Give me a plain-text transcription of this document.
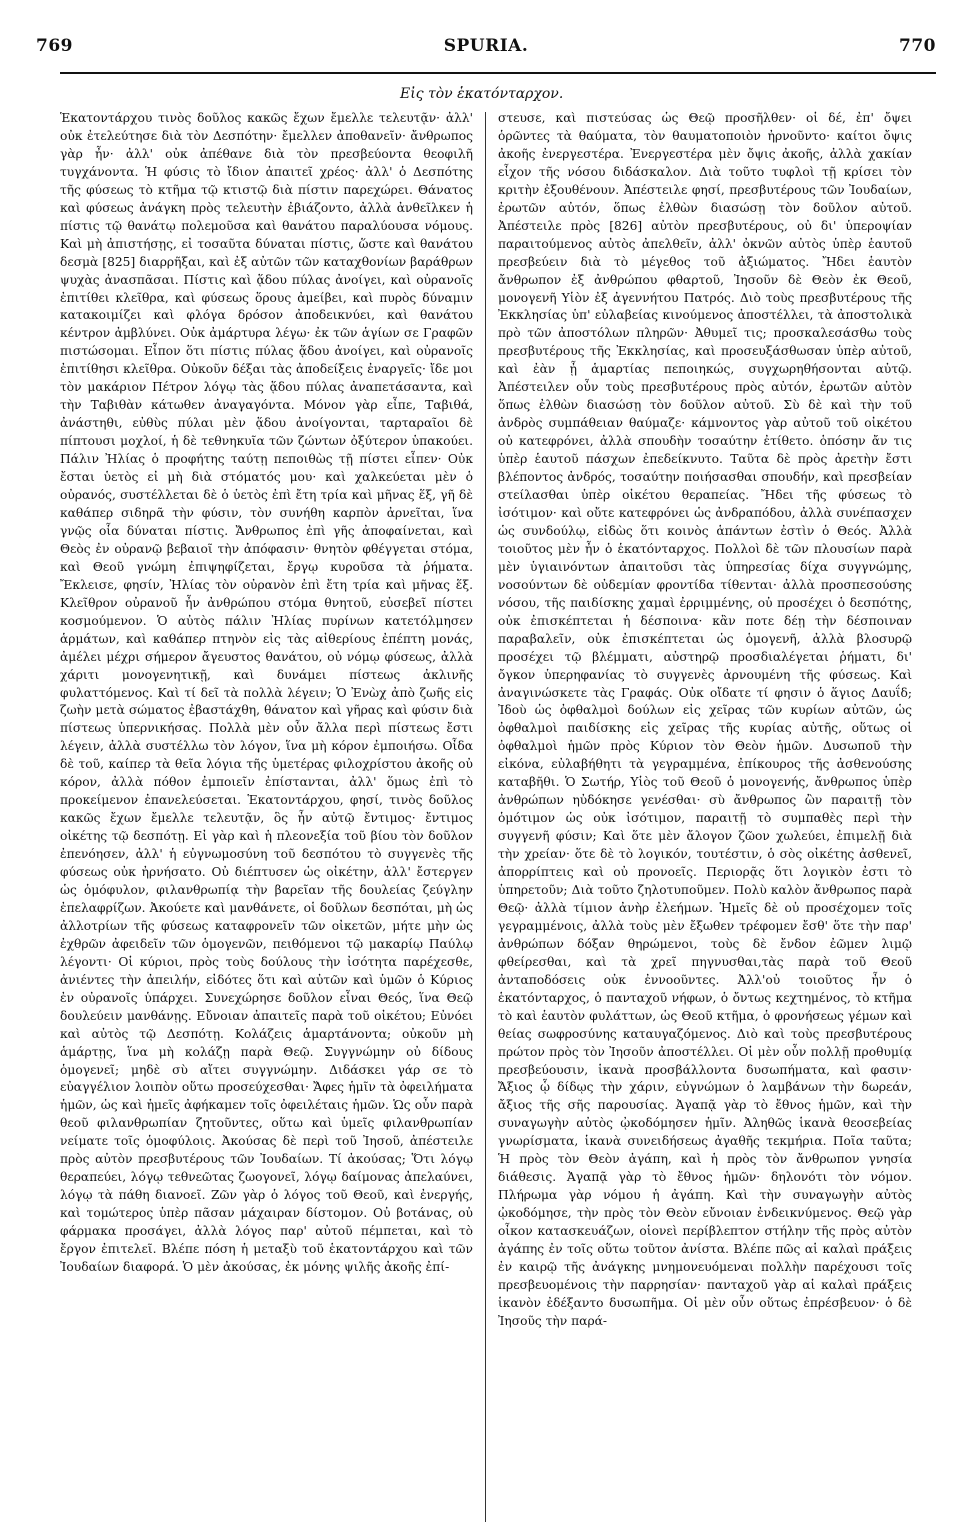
769	SPURIA.	770
Εἰς τὸν ἑκατόνταρχον.

Ἑκατοντάρχου τινὸς δοῦλος κακῶς ἔχων ἔμελλε τελευτᾷν· ἀλλ' οὐκ ἐτελεύτησε διὰ τὸν Δεσπότην· ἔμελλεν ἀποθανεῖν· ἄνθρωπος γὰρ ἦν· ἀλλ' οὐκ ἀπέθανε διὰ τὸν πρεσβεύοντα θεοφιλῆ τυγχάνοντα. Ἡ φύσις τὸ ἴδιον ἀπαιτεῖ χρέος· ἀλλ' ὁ Δεσπότης τῆς φύσεως τὸ κτῆμα τῷ κτιστῷ διὰ πίστιν παρεχώρει. Θάνατος καὶ φύσεως ἀνάγκη πρὸς τελευτὴν ἐβιάζοντο, ἀλλὰ ἀνθεῖλκεν ἡ πίστις τῷ θανάτῳ πολεμοῦσα καὶ θανάτου παραλύουσα νόμους. Καὶ μὴ ἀπιστήσῃς, εἰ τοσαῦτα δύναται πίστις, ὥστε καὶ θανάτου δεσμὰ [825] διαρρῆξαι, καὶ ἐξ αὐτῶν τῶν καταχθονίων βαράθρων ψυχὰς ἀνασπᾶσαι. Πίστις καὶ ᾅδου πύλας ἀνοίγει, καὶ οὐρανοῖς ἐπιτίθει κλεῖθρα, καὶ φύσεως ὅρους ἀμείβει, καὶ πυρὸς δύναμιν κατακοιμίζει καὶ φλόγα δρόσον ἀποδεικνύει, καὶ θανάτου κέντρον ἀμβλύνει. Οὐκ ἀμάρτυρα λέγω· ἐκ τῶν ἁγίων σε Γραφῶν πιστώσομαι. Εἶπον ὅτι πίστις πύλας ᾅδου ἀνοίγει, καὶ οὐρανοῖς ἐπιτίθησι κλεῖθρα. Οὐκοῦν δέξαι τὰς ἀποδείξεις ἐναργεῖς· ἴδε μοι τὸν μακάριον Πέτρον λόγῳ τὰς ᾅδου πύλας ἀναπετάσαντα, καὶ τὴν Ταβιθὰν κάτωθεν ἀναγαγόντα. Μόνον γὰρ εἶπε, Ταβιθά, ἀνάστηθι, εὐθὺς πύλαι μὲν ᾅδου ἀνοίγονται, ταρταραῖοι δὲ πίπτουσι μοχλοί, ἡ δὲ τεθνηκυῖα τῶν ζώντων ὀξύτερον ὑπακούει. Πάλιν Ἠλίας ὁ προφήτης ταύτῃ πεποιθὼς τῇ πίστει εἶπεν· Οὐκ ἔσται ὑετὸς εἰ μὴ διὰ στόματός μου· καὶ χαλκεύεται μὲν ὁ οὐρανός, συστέλλεται δὲ ὁ ὑετὸς ἐπὶ ἔτη τρία καὶ μῆνας ἕξ, γῆ δὲ καθάπερ σιδηρᾶ τὴν φύσιν, τὸν συνήθη καρπὸν ἀρνεῖται, ἵνα γνῷς οἷα δύναται πίστις. Ἄνθρωπος ἐπὶ γῆς ἀποφαίνεται, καὶ Θεὸς ἐν οὐρανῷ βεβαιοῖ τὴν ἀπόφασιν· θνητὸν φθέγγεται στόμα, καὶ Θεοῦ γνώμη ἐπιψηφίζεται, ἔργῳ κυροῦσα τὰ ῥήματα. Ἔκλεισε, φησίν, Ἠλίας τὸν οὐρανὸν ἐπὶ ἔτη τρία καὶ μῆνας ἕξ. Κλεῖθρον οὐρανοῦ ἦν ἀνθρώπου στόμα θνητοῦ, εὐσεβεῖ πίστει κοσμούμενον. Ὁ αὐτὸς πάλιν Ἠλίας πυρίνων κατετόλμησεν ἁρμάτων, καὶ καθάπερ πτηνὸν εἰς τὰς αἰθερίους ἐπέπτη μονάς, ἀμέλει μέχρι σήμερον ἄγευστος θανάτου, οὐ νόμῳ φύσεως, ἀλλὰ χάριτι μονογενητικῇ, καὶ δυνάμει πίστεως ἀκλινῆς φυλαττόμενος. Καὶ τί δεῖ τὰ πολλὰ λέγειν; Ὁ Ἐνὼχ ἀπὸ ζωῆς εἰς ζωὴν μετὰ σώματος ἐβαστάχθη, θάνατον καὶ γῆρας καὶ φύσιν διὰ πίστεως ὑπερνικήσας. Πολλὰ μὲν οὖν ἄλλα περὶ πίστεως ἔστι λέγειν, ἀλλὰ συστέλλω τὸν λόγον, ἵνα μὴ κόρον ἐμποιήσω. Οἶδα δὲ τοῦ, καίπερ τὰ θεῖα λόγια τῆς ὑμετέρας φιλοχρίστου ἀκοῆς οὐ κόρον, ἀλλὰ πόθον ἐμποιεῖν ἐπίστανται, ἀλλ' ὅμως ἐπὶ τὸ προκείμενον ἐπανελεύσεται. Ἑκατοντάρχου, φησί, τινὸς δοῦλος κακῶς ἔχων ἔμελλε τελευτᾷν, ὃς ἦν αὐτῷ ἔντιμος· ἔντιμος οἰκέτης τῷ δεσπότῃ. Εἰ γὰρ καὶ ἡ πλεονεξία τοῦ βίου τὸν δοῦλον ἐπενόησεν, ἀλλ' ἡ εὐγνωμοσύνη τοῦ δεσπότου τὸ συγγενὲς τῆς φύσεως οὐκ ἠρνήσατο. Οὐ διέπτυσεν ὡς οἰκέτην, ἀλλ' ἔστεργεν ὡς ὁμόφυλον, φιλανθρωπίᾳ τὴν βαρεῖαν τῆς δουλείας ζεύγλην ἐπελαφρίζων. Ἀκούετε καὶ μανθάνετε, οἱ δοῦλων δεσπόται, μὴ ὡς ἀλλοτρίων τῆς φύσεως καταφρονεῖν τῶν οἰκετῶν, μήτε μὴν ὡς ἐχθρῶν ἀφειδεῖν τῶν ὁμογενῶν, πειθόμενοι τῷ μακαρίῳ Παύλῳ λέγοντι· Οἱ κύριοι, πρὸς τοὺς δούλους τὴν ἰσότητα παρέχεσθε, ἀνιέντες τὴν ἀπειλήν, εἰδότες ὅτι καὶ αὐτῶν καὶ ὑμῶν ὁ Κύριος ἐν οὐρανοῖς ὑπάρχει. Συνεχώρησε δοῦλον εἶναι Θεός, ἵνα Θεῷ δουλεύειν μανθάνῃς. Εὔνοιαν ἀπαιτεῖς παρὰ τοῦ οἰκέτου; Εὐνόει καὶ αὐτὸς τῷ Δεσπότῃ. Κολάζεις ἁμαρτάνοντα; οὐκοῦν μὴ ἁμάρτῃς, ἵνα μὴ κολάζῃ παρὰ Θεῷ. Συγγνώμην οὐ δίδους ὁμογενεῖ; μηδὲ σὺ αἴτει συγγνώμην. Διδάσκει γάρ σε τὸ εὐαγγέλιον λοιπὸν οὕτω προσεύχεσθαι· Ἄφες ἡμῖν τὰ ὀφειλήματα ἡμῶν, ὡς καὶ ἡμεῖς ἀφήκαμεν τοῖς ὀφειλέταις ἡμῶν. Ὡς οὖν παρὰ θεοῦ φιλανθρωπίαν ζητοῦντες, οὕτω καὶ ὑμεῖς φιλανθρωπίαν νείματε τοῖς ὁμοφύλοις. Ἀκούσας δὲ περὶ τοῦ Ἰησοῦ, ἀπέστειλε πρὸς αὐτὸν πρεσβυτέρους τῶν Ἰουδαίων. Τί ἀκούσας; Ὅτι λόγῳ θεραπεύει, λόγῳ τεθνεῶτας ζωογονεῖ, λόγῳ δαίμονας ἀπελαύνει, λόγῳ τὰ πάθη διανοεῖ. Ζῶν γὰρ ὁ λόγος τοῦ Θεοῦ, καὶ ἐνεργής, καὶ τομώτερος ὑπὲρ πᾶσαν μάχαιραν δίστομον. Οὐ βοτάνας, οὐ φάρμακα προσάγει, ἀλλὰ λόγος παρ' αὐτοῦ πέμπεται, καὶ τὸ ἔργον ἐπιτελεῖ. Βλέπε πόση ἡ μεταξὺ τοῦ ἑκατοντάρχου καὶ τῶν Ἰουδαίων διαφορά. Ὁ μὲν ἀκούσας, ἐκ μόνης ψιλῆς ἀκοῆς ἐπί-

στευσε, καὶ πιστεύσας ὡς Θεῷ προσῆλθεν· οἱ δέ, ἐπ' ὄψει ὁρῶντες τὰ θαύματα, τὸν θαυματοποιὸν ἠρνοῦντο· καίτοι ὄψις ἀκοῆς ἐνεργεστέρα. Ἐνεργεστέρα μὲν ὄψις ἀκοῆς, ἀλλὰ χακίαν εἶχον τῆς νόσου διδάσκαλον. Διὰ τοῦτο τυφλοὶ τῇ κρίσει τὸν κριτὴν ἐξουθένουν. Ἀπέστειλε φησί, πρεσβυτέρους τῶν Ἰουδαίων, ἐρωτῶν αὐτόν, ὅπως ἐλθὼν διασώσῃ τὸν δοῦλον αὐτοῦ. Ἀπέστειλε πρὸς [826] αὐτὸν πρεσβυτέρους, οὐ δι' ὑπεροψίαν παραιτούμενος αὐτὸς ἀπελθεῖν, ἀλλ' ὀκνῶν αὐτὸς ὑπὲρ ἑαυτοῦ πρεσβεύειν διὰ τὸ μέγεθος τοῦ ἀξιώματος. Ἤδει ἑαυτὸν ἄνθρωπον ἐξ ἀνθρώπου φθαρτοῦ, Ἰησοῦν δὲ Θεὸν ἐκ Θεοῦ, μονογενῆ Υἱὸν ἐξ ἀγεννήτου Πατρός. Διὸ τοὺς πρεσβυτέρους τῆς Ἐκκλησίας ὑπ' εὐλαβείας κινούμενος ἀποστέλλει, τὰ ἀποστολικὰ πρὸ τῶν ἀποστόλων πληρῶν· Ἀθυμεῖ τις; προσκαλεσάσθω τοὺς πρεσβυτέρους τῆς Ἐκκλησίας, καὶ προσευξάσθωσαν ὑπὲρ αὐτοῦ, καὶ ἐὰν ᾖ ἁμαρτίας πεποιηκώς, συγχωρηθήσονται αὐτῷ. Ἀπέστειλεν οὖν τοὺς πρεσβυτέρους πρὸς αὐτόν, ἐρωτῶν αὐτὸν ὅπως ἐλθὼν διασώσῃ τὸν δοῦλον αὐτοῦ. Σὺ δὲ καὶ τὴν τοῦ ἀνδρὸς συμπάθειαν θαύμαζε· κάμνοντος γὰρ αὐτοῦ τοῦ οἰκέτου οὐ κατεφρόνει, ἀλλὰ σπουδὴν τοσαύτην ἐτίθετο. ὁπόσην ἄν τις ὑπὲρ ἑαυτοῦ πάσχων ἐπεδείκνυτο. Ταῦτα δὲ πρὸς ἀρετὴν ἔστι βλέποντος ἀνδρός, τοσαύτην ποιήσασθαι σπουδήν, καὶ πρεσβείαν στείλασθαι ὑπὲρ οἰκέτου θεραπείας. Ἤδει τῆς φύσεως τὸ ἰσότιμον· καὶ οὔτε κατεφρόνει ὡς ἀνδραπόδου, ἀλλὰ συνέπασχεν ὡς συνδούλῳ, εἰδὼς ὅτι κοινὸς ἁπάντων ἐστὶν ὁ Θεός. Ἀλλὰ τοιοῦτος μὲν ἦν ὁ ἑκατόνταρχος. Πολλοὶ δὲ τῶν πλουσίων παρὰ μὲν ὑγιαινόντων ἀπαιτοῦσι τὰς ὑπηρεσίας δίχα συγγνώμης, νοσούντων δὲ οὐδεμίαν φροντίδα τίθενται· ἀλλὰ προσπεσούσης νόσου, τῆς παιδίσκης χαμαὶ ἐρριμμένης, οὐ προσέχει ὁ δεσπότης, οὐκ ἐπισκέπτεται ἡ δέσποινα· κἂν ποτε δέῃ τὴν δέσποιναν παραβαλεῖν, οὐκ ἐπισκέπτεται ὡς ὁμογενῆ, ἀλλὰ βλοσυρῷ προσέχει τῷ βλέμματι, αὐστηρῷ προσδιαλέγεται ῥήματι, δι' ὄγκον ὑπερηφανίας τὸ συγγενὲς ἀρνουμένη τῆς φύσεως. Καὶ ἀναγινώσκετε τὰς Γραφάς. Οὐκ οἴδατε τί φησιν ὁ ἅγιος Δαυΐδ; Ἰδοὺ ὡς ὀφθαλμοὶ δούλων εἰς χεῖρας τῶν κυρίων αὐτῶν, ὡς ὀφθαλμοὶ παιδίσκης εἰς χεῖρας τῆς κυρίας αὐτῆς, οὕτως οἱ ὀφθαλμοὶ ἡμῶν πρὸς Κύριον τὸν Θεὸν ἡμῶν. Δυσωποῦ τὴν εἰκόνα, εὐλαβήθητι τὰ γεγραμμένα, ἐπίκουρος τῆς ἀσθενούσης καταβῆθι. Ὁ Σωτήρ, Υἱὸς τοῦ Θεοῦ ὁ μονογενής, ἄνθρωπος ὑπὲρ ἀνθρώπων ηὐδόκησε γενέσθαι· σὺ ἄνθρωπος ὢν παραιτῇ τὸν ὁμότιμον ὡς οὐκ ἰσότιμον, παραιτῇ τὸ συμπαθὲς περὶ τὴν συγγενῆ φύσιν; Καὶ ὅτε μὲν ἄλογον ζῶον χωλεύει, ἐπιμελῇ διὰ τὴν χρείαν· ὅτε δὲ τὸ λογικόν, τουτέστιν, ὁ σὸς οἰκέτης ἀσθενεῖ, ἀπορρίπτεις καὶ οὐ προνοεῖς. Περιορᾷς ὅτι λογικὸν ἐστι τὸ ὑπηρετοῦν; Διὰ τοῦτο ζηλοτυποῦμεν. Πολὺ καλὸν ἄνθρωπος παρὰ Θεῷ· ἀλλὰ τίμιον ἀνὴρ ἐλεήμων. Ἡμεῖς δὲ οὐ προσέχομεν τοῖς γεγραμμένοις, ἀλλὰ τοὺς μὲν ἔξωθεν τρέφομεν ἔσθ' ὅτε τὴν παρ' ἀνθρώπων δόξαν θηρώμενοι, τοὺς δὲ ἔνδον ἐῶμεν λιμῷ φθείρεσθαι, καὶ τὰ χρεῖ πηγνυσθαι,τὰς παρὰ τοῦ Θεοῦ ἀνταποδόσεις οὐκ ἐννοοῦντες. Ἀλλ'οὐ τοιοῦτος ἦν ὁ ἑκατόνταρχος, ὁ πανταχοῦ νήφων, ὁ ὄντως κεχτημένος, τὸ κτῆμα τὸ καὶ ἑαυτὸν φυλάττων, ὡς Θεοῦ κτῆμα, ὁ φρονήσεως γέμων καὶ θείας σωφροσύνης καταυγαζόμενος. Διὸ καὶ τοὺς πρεσβυτέρους πρώτον πρὸς τὸν Ἰησοῦν ἀποστέλλει. Οἱ μὲν οὖν πολλῇ προθυμίᾳ πρεσβεύουσιν, ἱκανὰ προσβάλλοντα δυσωπήματα, καὶ φασιν· Ἄξιος ᾧ δίδῳς τὴν χάριν, εὐγνώμων ὁ λαμβάνων τὴν δωρεάν, ἄξιος τῆς σῆς παρουσίας. Ἀγαπᾷ γὰρ τὸ ἔθνος ἡμῶν, καὶ τὴν συναγωγὴν αὐτὸς ᾠκοδόμησεν ἡμῖν. Ἀληθῶς ἱκανὰ θεοσεβείας γνωρίσματα, ἱκανὰ συνειδήσεως ἀγαθῆς τεκμήρια. Ποῖα ταῦτα; Ἡ πρὸς τὸν Θεὸν ἀγάπη, καὶ ἡ πρὸς τὸν ἄνθρωπον γνησία διάθεσις. Ἀγαπᾷ γὰρ τὸ ἔθνος ἡμῶν· δηλονότι τὸν νόμον. Πλήρωμα γὰρ νόμου ἡ ἀγάπη. Καὶ τὴν συναγωγὴν αὐτὸς ᾠκοδόμησε, τὴν πρὸς τὸν Θεὸν εὔνοιαν ἐνδεικνύμενος. Θεῷ γὰρ οἶκον κατασκευάζων, οἱονεὶ περίβλεπτον στήλην τῆς πρὸς αὐτὸν ἀγάπης ἐν τοῖς οὕτω τοῦτον ἀνίστα. Βλέπε πῶς αἱ καλαὶ πράξεις ἐν καιρῷ τῆς ἀνάγκης μνημονευόμεναι πολλὴν παρέχουσι τοῖς πρεσβευομένοις τὴν παρρησίαν· πανταχοῦ γὰρ αἱ καλαὶ πράξεις ἱκανὸν ἐδέξαντο δυσωπῆμα. Οἱ μὲν οὖν οὕτως ἐπρέσβευον· ὁ δὲ Ἰησοῦς τὴν παρά-
